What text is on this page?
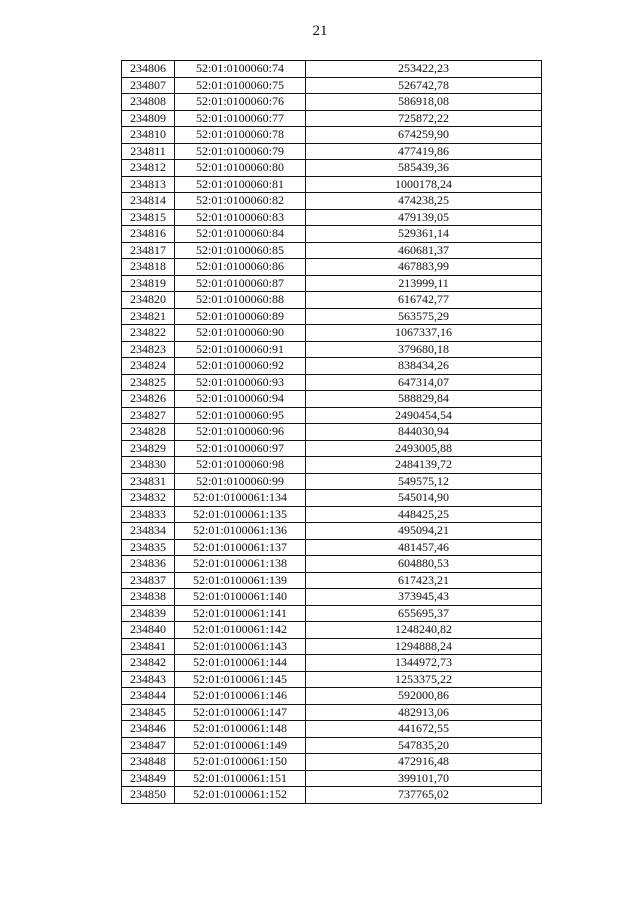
21
234806	52:01:0100060:74	253422,23
234807	52:01:0100060:75	526742,78
234808	52:01:0100060:76	586918,08
234809	52:01:0100060:77	725872,22
234810	52:01:0100060:78	674259,90
234811	52:01:0100060:79	477419,86
234812	52:01:0100060:80	585439,36
234813	52:01:0100060:81	1000178,24
234814	52:01:0100060:82	474238,25
234815	52:01:0100060:83	479139,05
234816	52:01:0100060:84	529361,14
234817	52:01:0100060:85	460681,37
234818	52:01:0100060:86	467883,99
234819	52:01:0100060:87	213999,11
234820	52:01:0100060:88	616742,77
234821	52:01:0100060:89	563575,29
234822	52:01:0100060:90	1067337,16
234823	52:01:0100060:91	379680,18
234824	52:01:0100060:92	838434,26
234825	52:01:0100060:93	647314,07
234826	52:01:0100060:94	588829,84
234827	52:01:0100060:95	2490454,54
234828	52:01:0100060:96	844030,94
234829	52:01:0100060:97	2493005,88
234830	52:01:0100060:98	2484139,72
234831	52:01:0100060:99	549575,12
234832	52:01:0100061:134	545014,90
234833	52:01:0100061:135	448425,25
234834	52:01:0100061:136	495094,21
234835	52:01:0100061:137	481457,46
234836	52:01:0100061:138	604880,53
234837	52:01:0100061:139	617423,21
234838	52:01:0100061:140	373945,43
234839	52:01:0100061:141	655695,37
234840	52:01:0100061:142	1248240,82
234841	52:01:0100061:143	1294888,24
234842	52:01:0100061:144	1344972,73
234843	52:01:0100061:145	1253375,22
234844	52:01:0100061:146	592000,86
234845	52:01:0100061:147	482913,06
234846	52:01:0100061:148	441672,55
234847	52:01:0100061:149	547835,20
234848	52:01:0100061:150	472916,48
234849	52:01:0100061:151	399101,70
234850	52:01:0100061:152	737765,02
